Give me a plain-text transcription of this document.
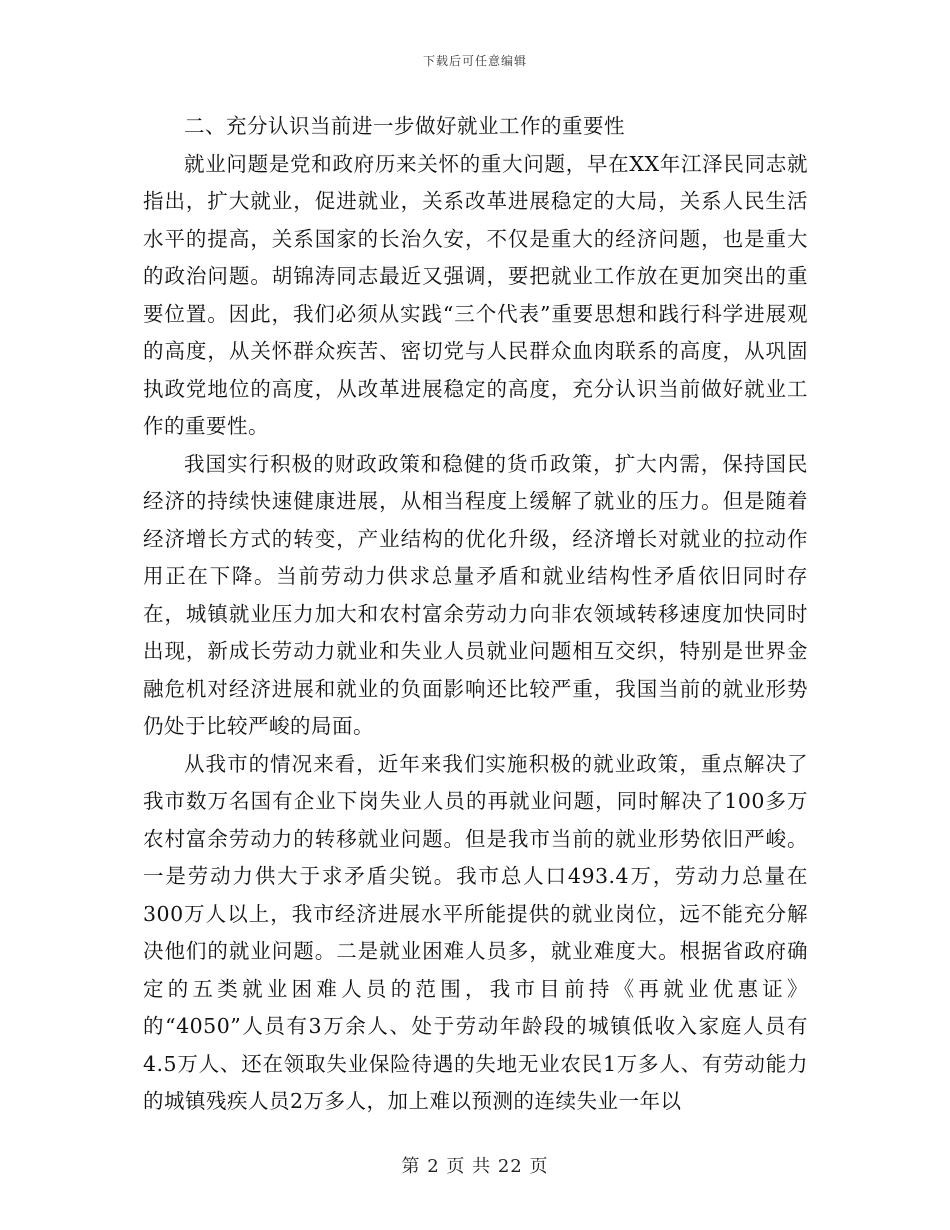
下载后可任意编辑
二、充分认识当前进一步做好就业工作的重要性

就业问题是党和政府历来关怀的重大问题，早在XX年江泽民同志就指出，扩大就业，促进就业，关系改革进展稳定的大局，关系人民生活水平的提高，关系国家的长治久安，不仅是重大的经济问题，也是重大的政治问题。胡锦涛同志最近又强调，要把就业工作放在更加突出的重要位置。因此，我们必须从实践“三个代表”重要思想和践行科学进展观的高度，从关怀群众疾苦、密切党与人民群众血肉联系的高度，从巩固执政党地位的高度，从改革进展稳定的高度，充分认识当前做好就业工作的重要性。

我国实行积极的财政政策和稳健的货币政策，扩大内需，保持国民经济的持续快速健康进展，从相当程度上缓解了就业的压力。但是随着经济增长方式的转变，产业结构的优化升级，经济增长对就业的拉动作用正在下降。当前劳动力供求总量矛盾和就业结构性矛盾依旧同时存在，城镇就业压力加大和农村富余劳动力向非农领域转移速度加快同时出现，新成长劳动力就业和失业人员就业问题相互交织，特别是世界金融危机对经济进展和就业的负面影响还比较严重，我国当前的就业形势仍处于比较严峻的局面。

从我市的情况来看，近年来我们实施积极的就业政策，重点解决了我市数万名国有企业下岗失业人员的再就业问题，同时解决了100多万农村富余劳动力的转移就业问题。但是我市当前的就业形势依旧严峻。一是劳动力供大于求矛盾尖锐。我市总人口493.4万，劳动力总量在300万人以上，我市经济进展水平所能提供的就业岗位，远不能充分解决他们的就业问题。二是就业困难人员多，就业难度大。根据省政府确定的五类就业困难人员的范围，我市目前持《再就业优惠证》的“4050”人员有3万余人、处于劳动年龄段的城镇低收入家庭人员有4.5万人、还在领取失业保险待遇的失地无业农民1万多人、有劳动能力的城镇残疾人员2万多人，加上难以预测的连续失业一年以

第 2 页 共 22 页
